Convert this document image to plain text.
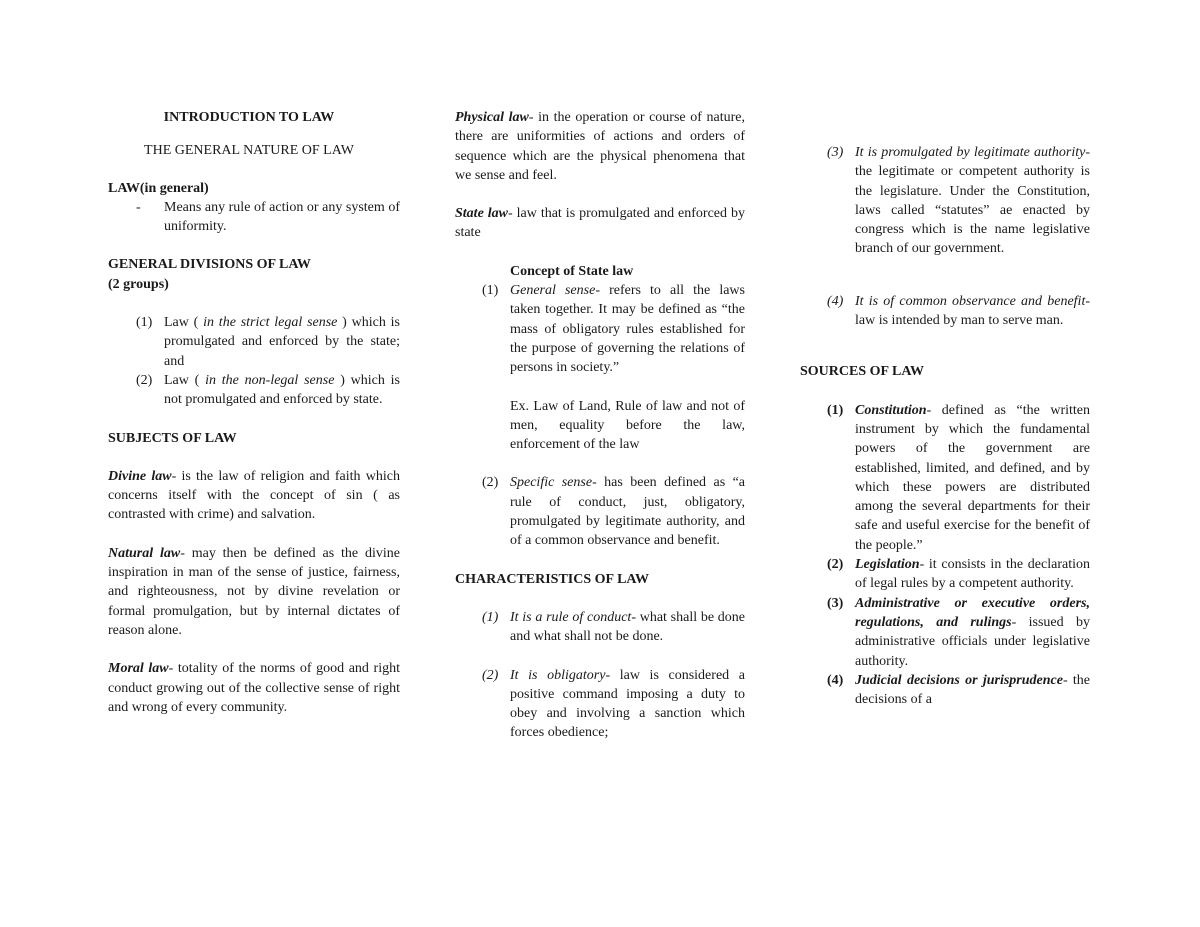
INTRODUCTION TO LAW

THE GENERAL NATURE OF LAW

LAW(in general)

-	Means any rule of action or any system of uniformity.

GENERAL DIVISIONS OF LAW

(2 groups)

(1) Law ( in the strict legal sense ) which is promulgated and enforced by the state; and
(2) Law ( in the non-legal sense ) which is not promulgated and enforced by state.

SUBJECTS OF LAW

Divine law- is the law of religion and faith which concerns itself with the concept of sin ( as contrasted with crime) and salvation.

Natural law- may then be defined as the divine inspiration in man of the sense of justice, fairness, and righteousness, not by divine revelation or formal promulgation, but by internal dictates of reason alone.

Moral law- totality of the norms of good and right conduct growing out of the collective sense of right and wrong of every community.

Physical law- in the operation or course of nature, there are uniformities of actions and orders of sequence which are the physical phenomena that we sense and feel.

State law- law that is promulgated and enforced by state

Concept of State law

(1) General sense- refers to all the laws taken together. It may be defined as “the mass of obligatory rules established for the purpose of governing the relations of persons in society.”

Ex. Law of Land, Rule of law and not of men, equality before the law, enforcement of the law

(2) Specific sense- has been defined as “a rule of conduct, just, obligatory, promulgated by legitimate authority, and of a common observance and benefit.

CHARACTERISTICS OF LAW

(1) It is a rule of conduct- what shall be done and what shall not be done.
(2) It is obligatory- law is considered a positive command imposing a duty to obey and involving a sanction which forces obedience;
(3) It is promulgated by legitimate authority- the legitimate or competent authority is the legislature. Under the Constitution, laws called “statutes” ae enacted by congress which is the name legislative branch of our government.
(4) It is of common observance and benefit- law is intended by man to serve man.

SOURCES OF LAW

(1) Constitution- defined as “the written instrument by which the fundamental powers of the government are established, limited, and defined, and by which these powers are distributed among the several departments for their safe and useful exercise for the benefit of the people.”
(2) Legislation- it consists in the declaration of legal rules by a competent authority.
(3) Administrative or executive orders, regulations, and rulings- issued by administrative officials under legislative authority.
(4) Judicial decisions or jurisprudence- the decisions of a
